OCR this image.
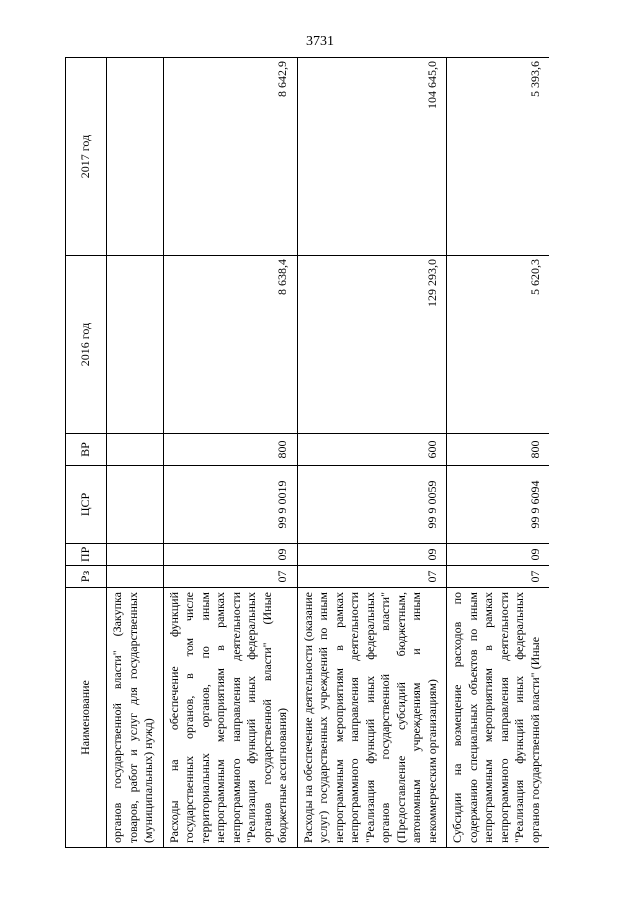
3731
Наименование	Рз	ПР	ЦСР	ВР	2016 год	2017 год
органов государственной власти" (Закупка товаров, работ и услуг для государственных (муниципальных) нужд)						
Расходы на обеспечение функций государственных органов, в том числе территориальных органов, по иным непрограммным мероприятиям в рамках непрограммного направления деятельности "Реализация функций иных федеральных органов государственной власти" (Иные бюджетные ассигнования)	07	09	99 9 0019	800	8 638,4	8 642,9
Расходы на обеспечение деятельности (оказание услуг) государственных учреждений по иным непрограммным мероприятиям в рамках непрограммного направления деятельности "Реализация функций иных федеральных органов государственной власти" (Предоставление субсидий бюджетным, автономным учреждениям и иным некоммерческим организациям)	07	09	99 9 0059	600	129 293,0	104 645,0
Субсидии на возмещение расходов по содержанию специальных объектов по иным непрограммным мероприятиям в рамках непрограммного направления деятельности "Реализация функций иных федеральных органов государственной власти" (Иные	07	09	99 9 6094	800	5 620,3	5 393,6
